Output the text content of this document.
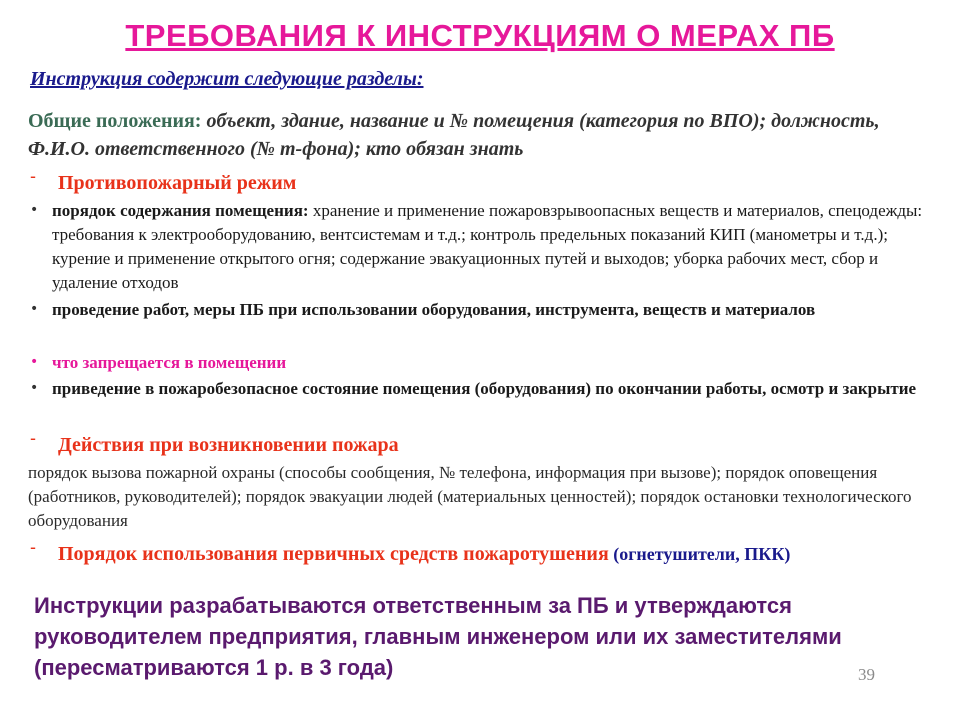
ТРЕБОВАНИЯ К ИНСТРУКЦИЯМ О МЕРАХ ПБ
Инструкция содержит следующие разделы:
Общие положения: объект, здание, название и № помещения (категория по ВПО); должность, Ф.И.О. ответственного (№ т-фона); кто обязан знать
- Противопожарный режим
• порядок содержания помещения: хранение и применение пожаровзрывоопасных веществ и материалов, спецодежды: требования к электрооборудованию, вентсистемам и т.д.; контроль предельных показаний КИП (манометры и т.д.); курение и применение открытого огня; содержание эвакуационных путей и выходов; уборка рабочих мест, сбор и удаление отходов
• проведение работ, меры ПБ при использовании оборудования, инструмента, веществ и материалов
• что запрещается в помещении
• приведение в пожаробезопасное состояние помещения (оборудования) по окончании работы, осмотр и закрытие
- Действия при возникновении пожара
порядок вызова пожарной охраны (способы сообщения, № телефона, информация при вызове); порядок оповещения (работников, руководителей); порядок эвакуации людей (материальных ценностей); порядок остановки технологического оборудования
- Порядок использования первичных средств пожаротушения (огнетушители, ПКК)
Инструкции разрабатываются ответственным за ПБ и утверждаются руководителем предприятия, главным инженером или их заместителями (пересматриваются 1 р. в 3 года)	39
